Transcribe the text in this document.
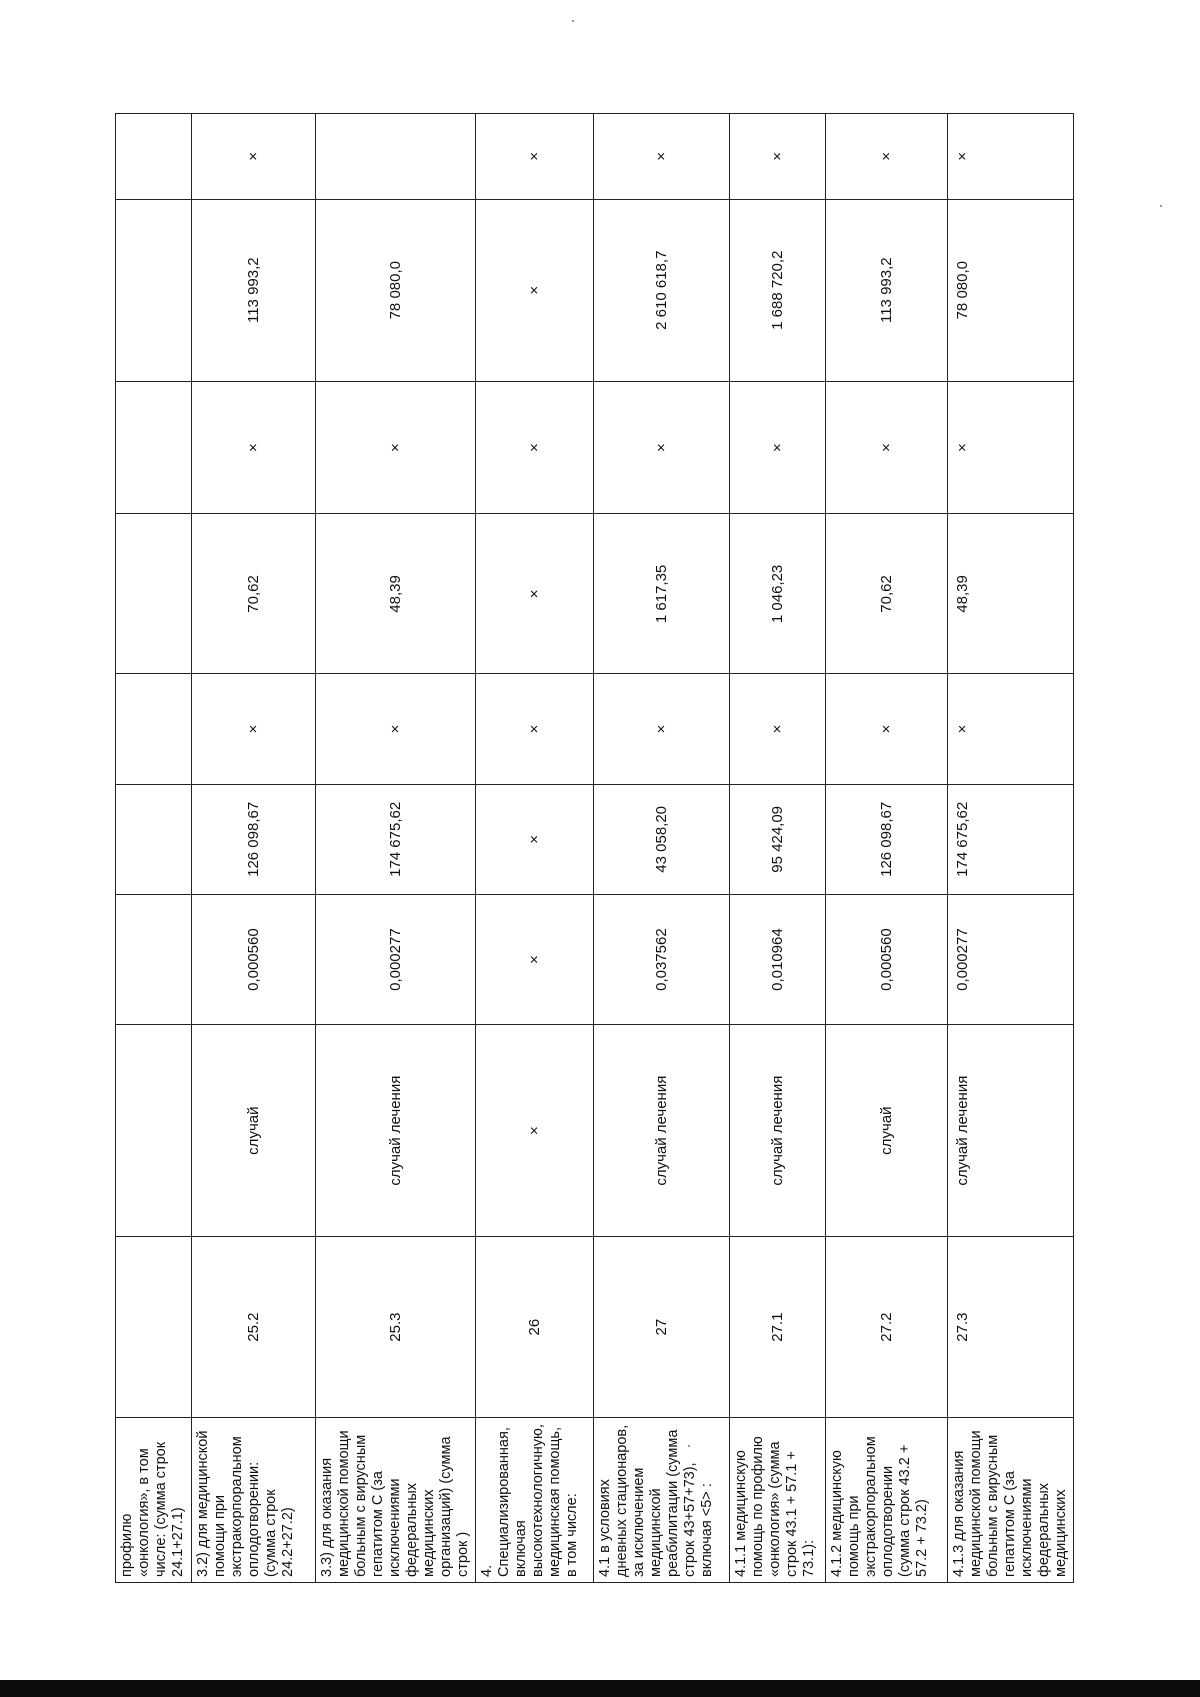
профилю «онкология», в том числе: (сумма строк 24.1+27.1)									
3.2) для медицинской помощи при экстракорпоральном оплодотворении: (сумма строк 24.2+27.2)	25.2	случай	0,000560	126 098,67	×	70,62	×	113 993,2	×
3.3) для оказания медицинской помощи больным с вирусным гепатитом С (за исключениями федеральных медицинских организаций) (сумма строк )	25.3	случай лечения	0,000277	174 675,62	×	48,39	×	78 080,0	
4. Специализированная, включая высокотехнологичную, медицинская помощь, в том числе:	26	×	×	×	×	×	×	×	×
4.1 в условиях дневных стационаров, за исключением медицинской реабилитации (сумма строк 43+57+73), включая <5> :	27	случай лечения	0,037562	43 058,20	×	1 617,35	×	2 610 618,7	×
4.1.1 медицинскую помощь по профилю «онкология» (сумма строк 43.1 + 57.1 + 73.1):	27.1	случай лечения	0,010964	95 424,09	×	1 046,23	×	1 688 720,2	×
4.1.2 медицинскую помощь при экстракорпоральном оплодотворении (сумма строк 43.2 + 57.2 + 73.2)	27.2	случай	0,000560	126 098,67	×	70,62	×	113 993,2	×
4.1.3 для оказания медицинской помощи больным с вирусным гепатитом С (за исключениями федеральных медицинских	27.3	случай лечения	0,000277	174 675,62	×	48,39	×	78 080,0	×
